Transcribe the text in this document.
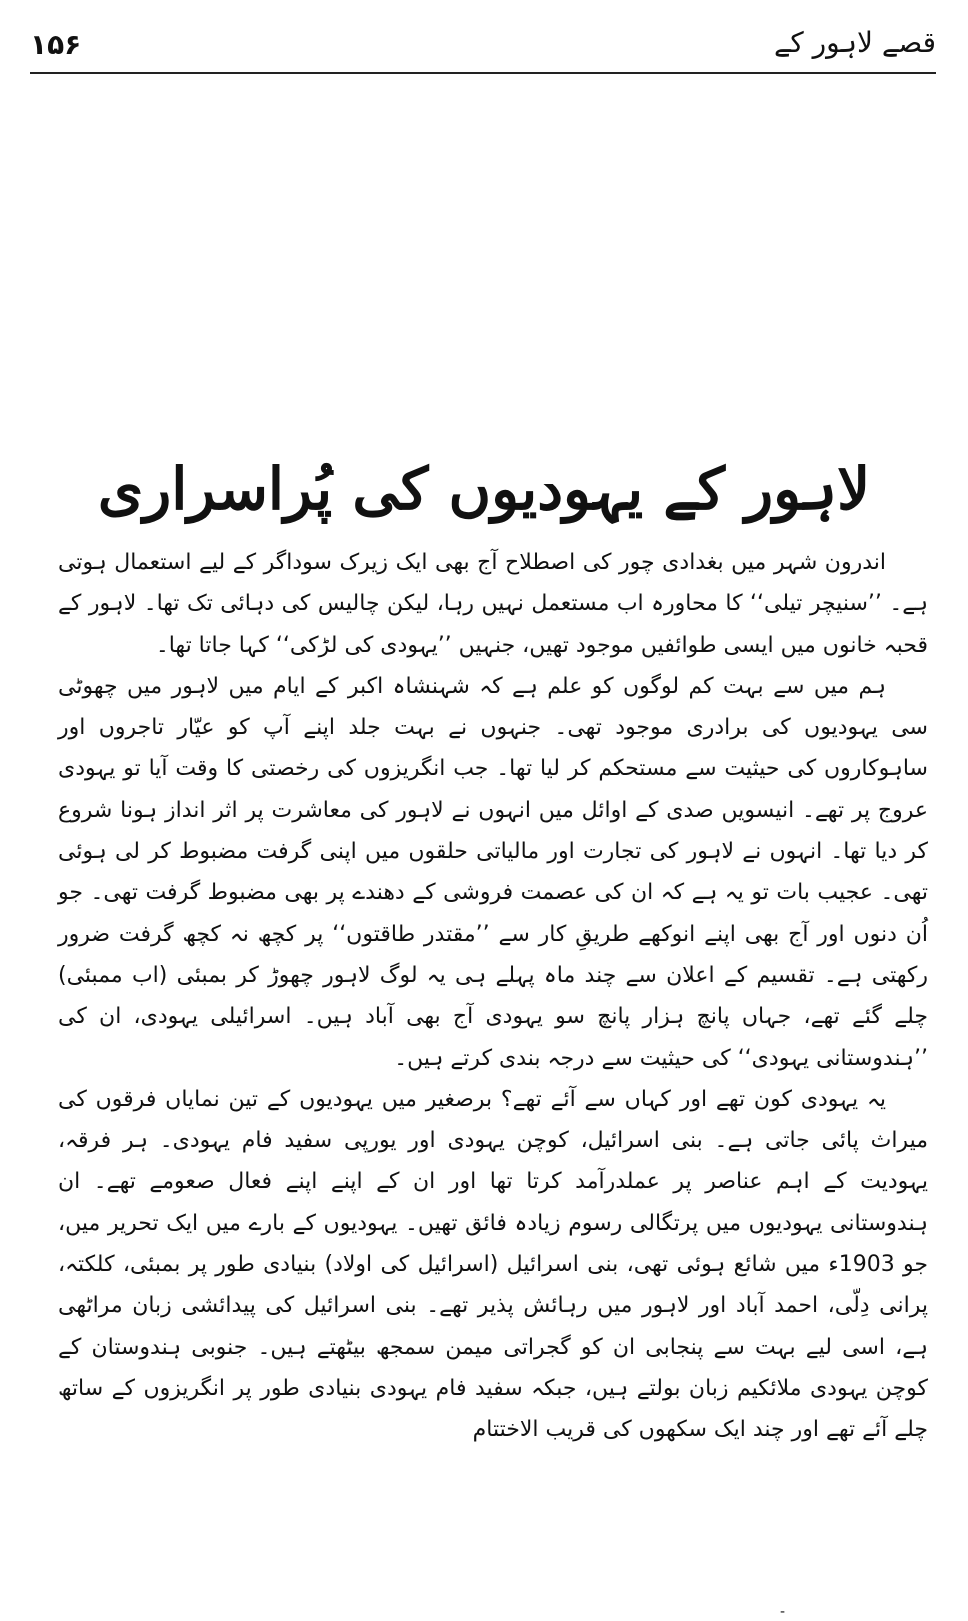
۱۵۶	قصے لاہور کے
لاہور کے یہودیوں کی پُراسراری

اندرون شہر میں بغدادی چور کی اصطلاح آج بھی ایک زیرک سوداگر کے لیے استعمال ہوتی ہے۔ ’’سنیچر تیلی‘‘ کا محاورہ اب مستعمل نہیں رہا، لیکن چالیس کی دہائی تک تھا۔ لاہور کے قحبہ خانوں میں ایسی طوائفیں موجود تھیں، جنہیں ’’یہودی کی لڑکی‘‘ کہا جاتا تھا۔

ہم میں سے بہت کم لوگوں کو علم ہے کہ شہنشاہ اکبر کے ایام میں لاہور میں چھوٹی سی یہودیوں کی برادری موجود تھی۔ جنہوں نے بہت جلد اپنے آپ کو عیّار تاجروں اور ساہوکاروں کی حیثیت سے مستحکم کر لیا تھا۔ جب انگریزوں کی رخصتی کا وقت آیا تو یہودی عروج پر تھے۔ انیسویں صدی کے اوائل میں انہوں نے لاہور کی معاشرت پر اثر انداز ہونا شروع کر دیا تھا۔ انہوں نے لاہور کی تجارت اور مالیاتی حلقوں میں اپنی گرفت مضبوط کر لی ہوئی تھی۔ عجیب بات تو یہ ہے کہ ان کی عصمت فروشی کے دھندے پر بھی مضبوط گرفت تھی۔ جو اُن دنوں اور آج بھی اپنے انوکھے طریقِ کار سے ’’مقتدر طاقتوں‘‘ پر کچھ نہ کچھ گرفت ضرور رکھتی ہے۔ تقسیم کے اعلان سے چند ماہ پہلے ہی یہ لوگ لاہور چھوڑ کر بمبئی (اب ممبئی) چلے گئے تھے، جہاں پانچ ہزار پانچ سو یہودی آج بھی آباد ہیں۔ اسرائیلی یہودی، ان کی ’’ہندوستانی یہودی‘‘ کی حیثیت سے درجہ بندی کرتے ہیں۔

یہ یہودی کون تھے اور کہاں سے آئے تھے؟ برصغیر میں یہودیوں کے تین نمایاں فرقوں کی میراث پائی جاتی ہے۔ بنی اسرائیل، کوچن یہودی اور یورپی سفید فام یہودی۔ ہر فرقہ، یہودیت کے اہم عناصر پر عملدرآمد کرتا تھا اور ان کے اپنے اپنے فعال صعومے تھے۔ ان ہندوستانی یہودیوں میں پرتگالی رسوم زیادہ فائق تھیں۔ یہودیوں کے بارے میں ایک تحریر میں، جو 1903ء میں شائع ہوئی تھی، بنی اسرائیل (اسرائیل کی اولاد) بنیادی طور پر بمبئی، کلکتہ، پرانی دِلّی، احمد آباد اور لاہور میں رہائش پذیر تھے۔ بنی اسرائیل کی پیدائشی زبان مراٹھی ہے، اسی لیے بہت سے پنجابی ان کو گجراتی میمن سمجھ بیٹھتے ہیں۔ جنوبی ہندوستان کے کوچن یہودی ملائکیم زبان بولتے ہیں، جبکہ سفید فام یہودی بنیادی طور پر انگریزوں کے ساتھ چلے آئے تھے اور چند ایک سکھوں کی قریب الاختتام

-
